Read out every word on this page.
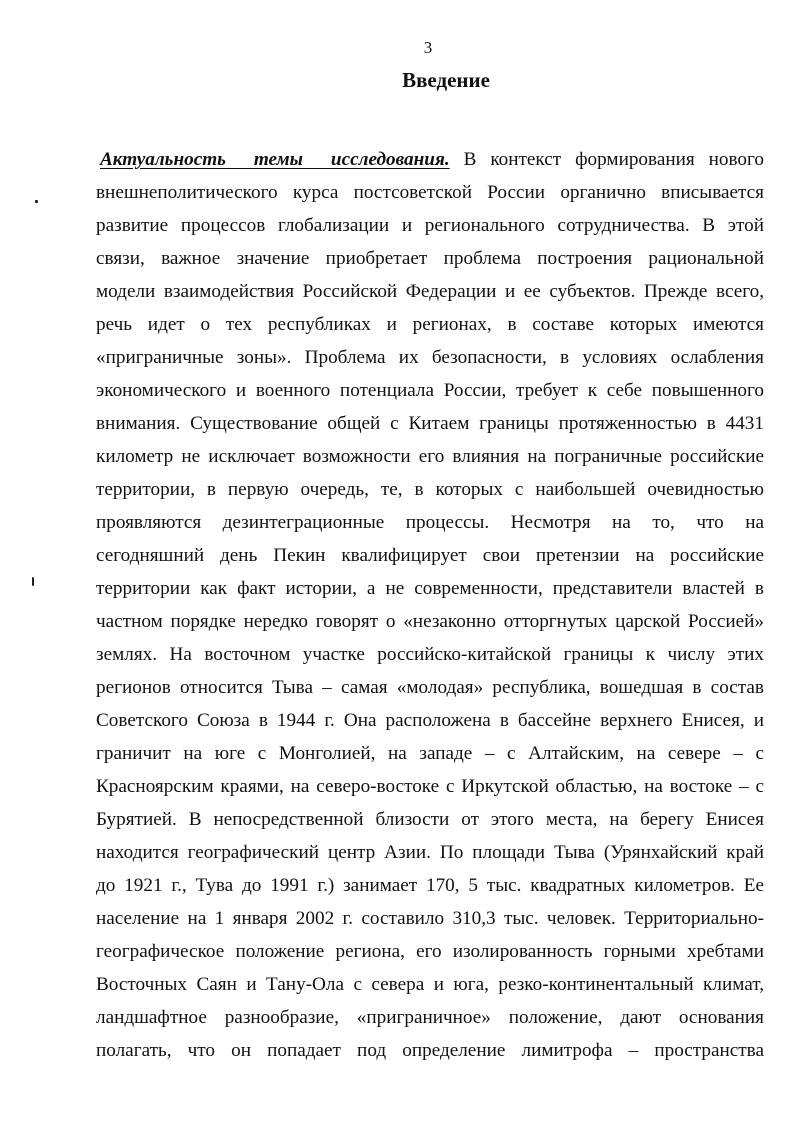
3
Введение
Актуальность темы исследования. В контекст формирования нового
внешнеполитического курса постсоветской России органично вписывается
развитие процессов глобализации и регионального сотрудничества. В этой
связи, важное значение приобретает проблема построения рациональной
модели взаимодействия Российской Федерации и ее субъектов. Прежде всего,
речь идет о тех республиках и регионах, в составе которых имеются
«приграничные зоны». Проблема их безопасности, в условиях ослабления
экономического и военного потенциала России, требует к себе повышенного
внимания. Существование общей с Китаем границы протяженностью в 4431
километр не исключает возможности его влияния на пограничные российские
территории, в первую очередь, те, в которых с наибольшей очевидностью
проявляются дезинтеграционные процессы. Несмотря на то, что на
сегодняшний день Пекин квалифицирует свои претензии на российские
территории как факт истории, а не современности, представители властей в
частном порядке нередко говорят о «незаконно отторгнутых царской Россией»
землях. На восточном участке российско-китайской границы к числу этих
регионов относится Тыва – самая «молодая» республика, вошедшая в состав
Советского Союза в 1944 г. Она расположена в бассейне верхнего Енисея, и
граничит на юге с Монголией, на западе – с Алтайским, на севере – с
Красноярским краями, на северо-востоке с Иркутской областью, на востоке – с
Бурятией. В непосредственной близости от этого места, на берегу Енисея
находится географический центр Азии. По площади Тыва (Урянхайский край
до 1921 г., Тува до 1991 г.) занимает 170, 5 тыс. квадратных километров. Ее
население на 1 января 2002 г. составило 310,3 тыс. человек. Территориально-
географическое положение региона, его изолированность горными хребтами
Восточных Саян и Тану-Ола с севера и юга, резко-континентальный климат,
ландшафтное разнообразие, «приграничное» положение, дают основания
полагать, что он попадает под определение лимитрофа – пространства
